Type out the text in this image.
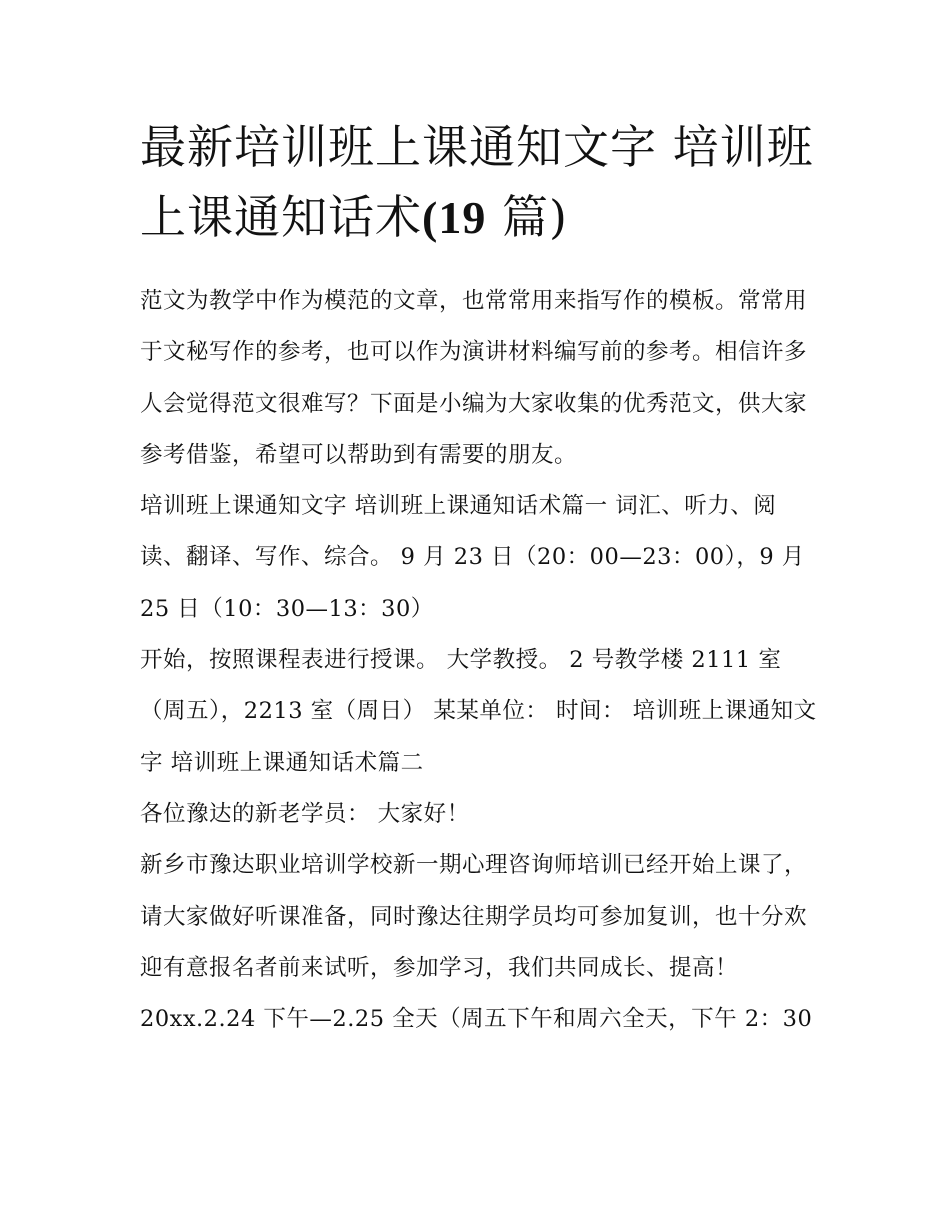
最新培训班上课通知文字 培训班上课通知话术(19 篇)

范文为教学中作为模范的文章，也常常用来指写作的模板。常常用于文秘写作的参考，也可以作为演讲材料编写前的参考。相信许多人会觉得范文很难写？下面是小编为大家收集的优秀范文，供大家参考借鉴，希望可以帮助到有需要的朋友。

培训班上课通知文字 培训班上课通知话术篇一 词汇、听力、阅读、翻译、写作、综合。 9 月 23 日（20：00—23：00），9 月 25 日（10：30—13：30）

开始，按照课程表进行授课。 大学教授。 2 号教学楼 2111 室（周五），2213 室（周日） 某某单位： 时间： 培训班上课通知文字 培训班上课通知话术篇二

各位豫达的新老学员： 大家好！

新乡市豫达职业培训学校新一期心理咨询师培训已经开始上课了，请大家做好听课准备，同时豫达往期学员均可参加复训，也十分欢迎有意报名者前来试听，参加学习，我们共同成长、提高！

20xx.2.24 下午—2.25 全天（周五下午和周六全天，下午 2：30
